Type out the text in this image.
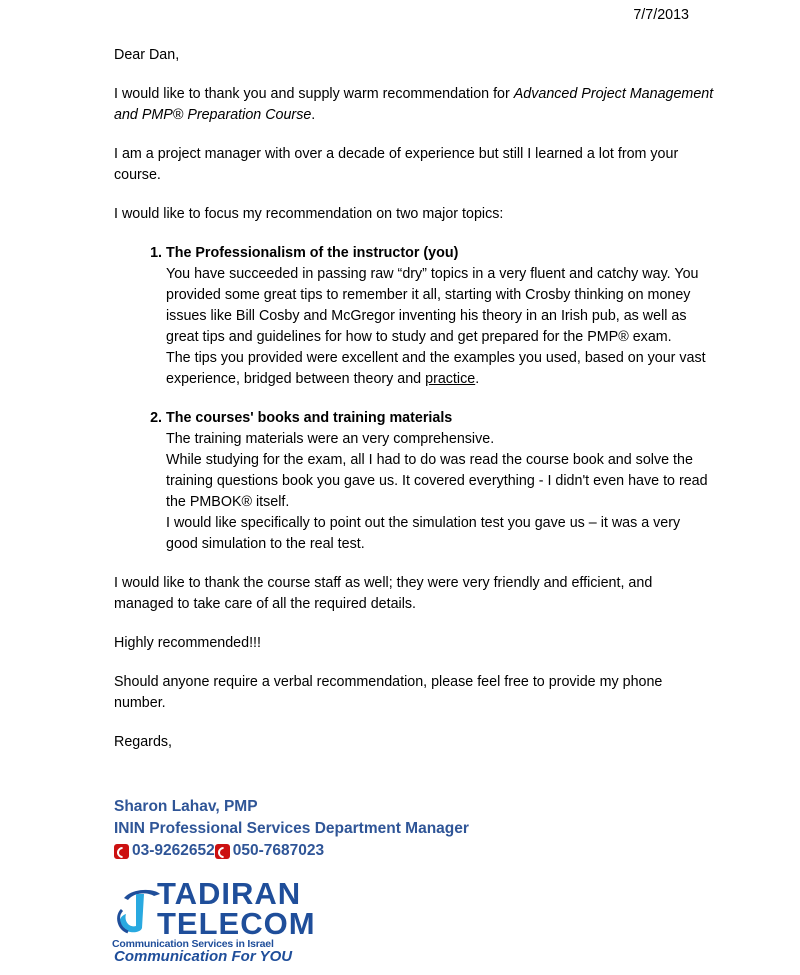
7/7/2013

Dear Dan,

I would like to thank you and supply warm recommendation for Advanced Project Management and PMP® Preparation Course.

I am a project manager with over a decade of experience but still I learned a lot from your course.

I would like to focus my recommendation on two major topics:

1. The Professionalism of the instructor (you)
You have succeeded in passing raw “dry” topics in a very fluent and catchy way. You provided some great tips to remember it all, starting with Crosby thinking on money issues like Bill Cosby and McGregor inventing his theory in an Irish pub, as well as great tips and guidelines for how to study and get prepared for the PMP® exam.
The tips you provided were excellent and the examples you used, based on your vast experience, bridged between theory and practice.
2. The courses' books and training materials
The training materials were an very comprehensive.
While studying for the exam, all I had to do was read the course book and solve the training questions book you gave us. It covered everything - I didn't even have to read the PMBOK® itself.
I would like specifically to point out the simulation test you gave us – it was a very good simulation to the real test.

I would like to thank the course staff as well; they were very friendly and efficient, and managed to take care of all the required details.

Highly recommended!!!

Should anyone require a verbal recommendation, please feel free to provide my phone number.

Regards,

Sharon Lahav, PMP
ININ Professional Services Department Manager
03-9262652 050-7687023
TADIRAN
TELECOM
Communication Services in Israel
Communication For YOU
